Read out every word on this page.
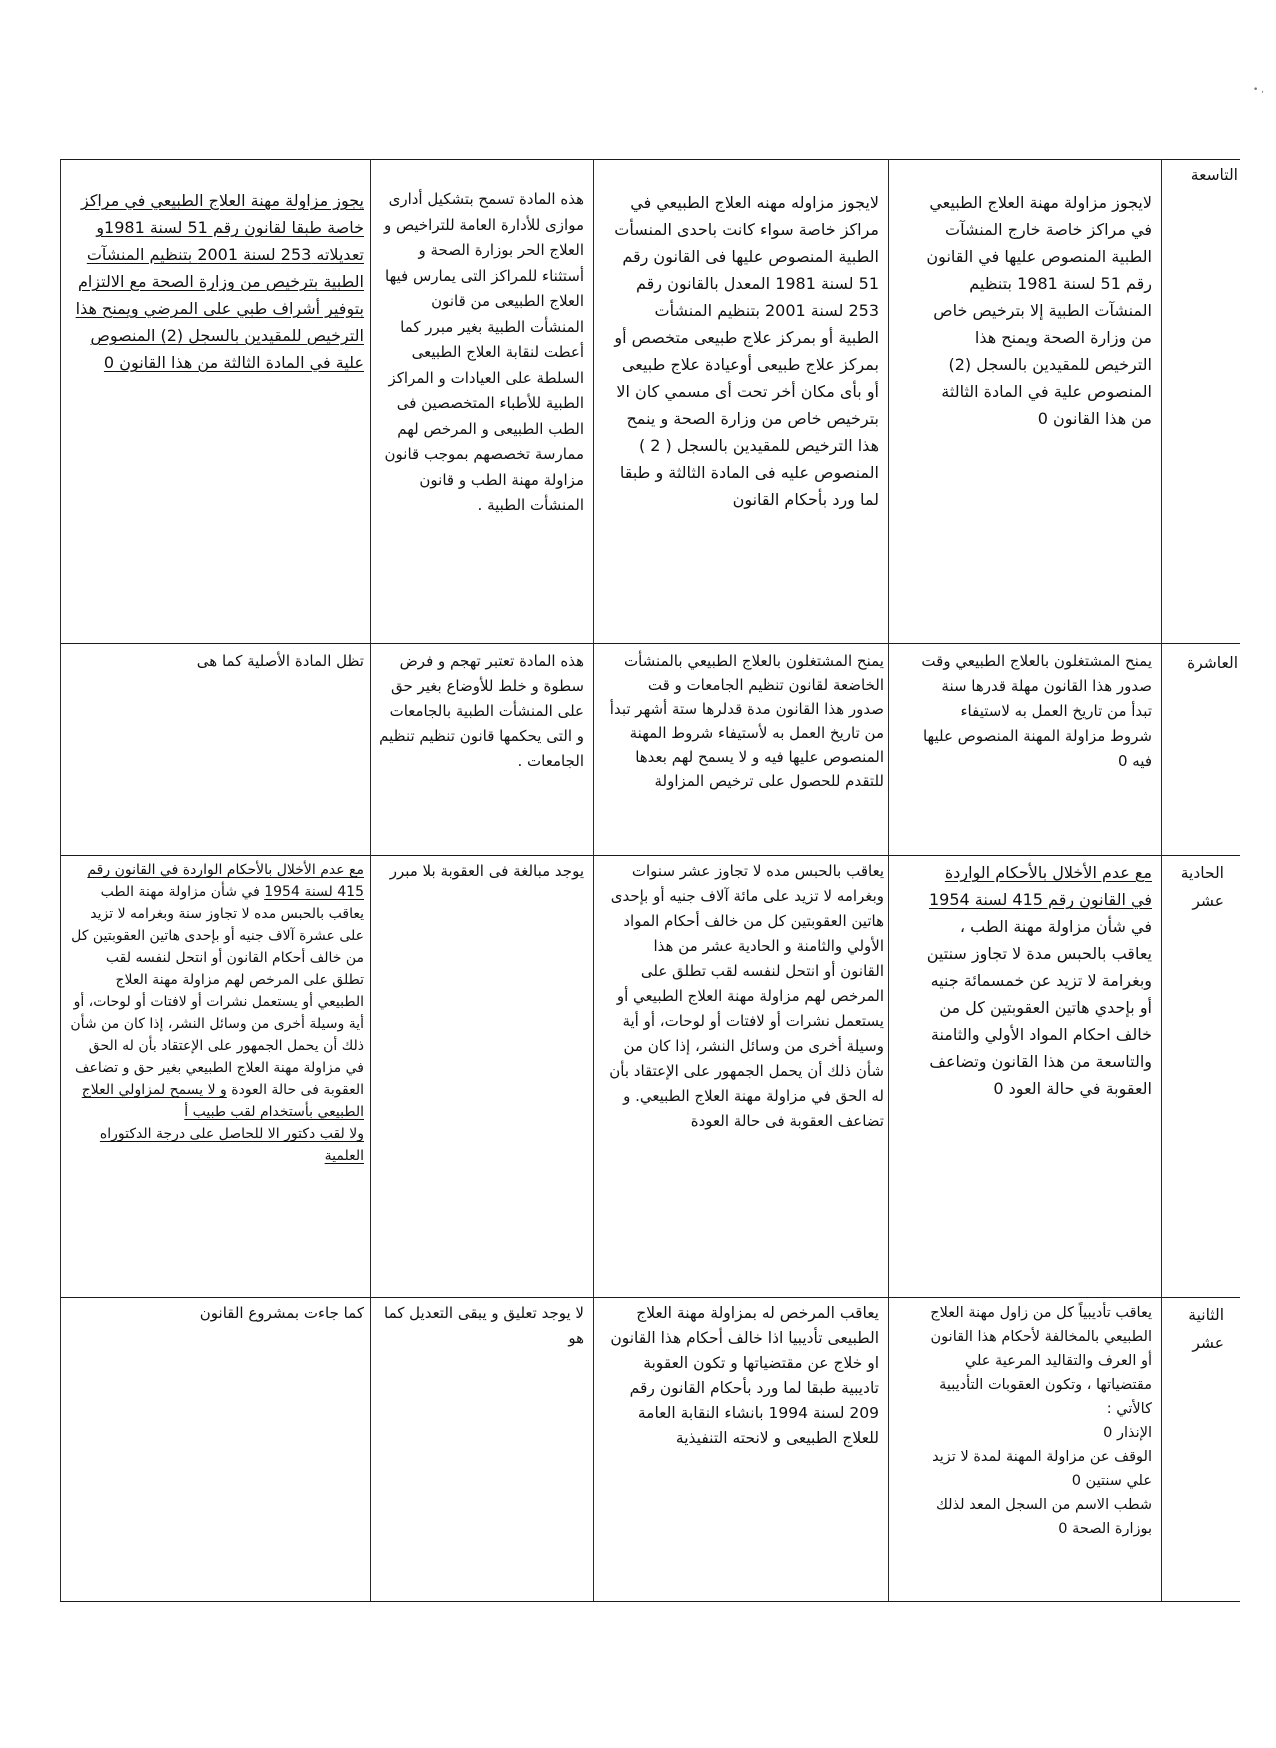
• ,
التاسعة
لايجوز مزاولة مهنة العلاج الطبيعي في مراكز خاصة خارج المنشآت الطبية المنصوص عليها في القانون رقم 51 لسنة 1981 بتنظيم المنشآت الطبية إلا بترخيص خاص من وزارة الصحة ويمنح هذا الترخيص للمقيدين بالسجل (2) المنصوص علية في المادة الثالثة من هذا القانون 0
لايجوز مزاوله مهنه العلاج الطبيعي في مراكز خاصة سواء كانت باحدى المنسأت الطبية المنصوص عليها فى القانون رقم 51 لسنة 1981 المعدل بالقانون رقم 253 لسنة 2001 بتنظيم المنشأت الطبية أو بمركز علاج طبيعى متخصص أو بمركز علاج طبيعى أوعيادة علاج طبيعى أو بأى مكان أخر تحت أى مسمي كان الا بترخيص خاص من وزارة الصحة و ينمح هذا الترخيص للمقيدين بالسجل ( 2 ) المنصوص عليه فى المادة الثالثة و طبقا لما ورد بأحكام القانون
هذه المادة تسمح بتشكيل أدارى موازى للأدارة العامة للتراخيص و العلاج الحر بوزارة الصحة و أستثناء للمراكز التى يمارس فيها العلاج الطبيعى من قانون المنشأت الطبية بغير مبرر كما أعطت لنقابة العلاج الطبيعى السلطة على العيادات و المراكز الطبية للأطباء المتخصصين فى الطب الطبيعى و المرخص لهم ممارسة تخصصهم بموجب قانون مزاولة مهنة الطب و قانون المنشأت الطبية .
يجوز مزاولة مهنة العلاج الطبيعي في مراكز خاصة طبقا لقانون رقم 51 لسنة 1981و تعديلاته 253 لسنة 2001 بتنظيم المنشآت الطبية بترخيص من وزارة الصحة مع الالتزام بتوفير أشراف طبي على المرضي ويمنح هذا الترخيص للمقيدين بالسجل (2) المنصوص علية في المادة الثالثة من هذا القانون 0
العاشرة
يمنح المشتغلون بالعلاج الطبيعي وقت صدور هذا القانون مهلة قدرها سنة تبدأ من تاريخ العمل به لاستيفاء شروط مزاولة المهنة المنصوص عليها فيه 0
يمنح المشتغلون بالعلاج الطبيعي بالمنشأت الخاضعة لقانون تنظيم الجامعات و قت صدور هذا القانون مدة قدلرها ستة أشهر تبدأ من تاريخ العمل به لأستيفاء شروط المهنة المنصوص عليها فيه و لا يسمح لهم بعدها للتقدم للحصول على ترخيص المزاولة
هذه المادة تعتبر تهجم و فرض سطوة و خلط للأوضاع بغير حق على المنشأت الطبية بالجامعات و التى يحكمها قانون تنظيم تنظيم الجامعات .
تظل المادة الأصلية كما هى
الحادية عشر
مع عدم الأخلال بالأحكام الواردة في القانون رقم 415 لسنة 1954 في شأن مزاولة مهنة الطب ، يعاقب بالحبس مدة لا تجاوز سنتين وبغرامة لا تزيد عن خمسمائة جنيه أو بإحدي هاتين العقوبتين كل من خالف احكام المواد الأولي والثامنة والتاسعة من هذا القانون وتضاعف العقوبة في حالة العود 0
يعاقب بالحبس مده لا تجاوز عشر سنوات وبغرامه لا تزيد على مائة آلاف جنيه أو بإحدى هاتين العقوبتين كل من خالف أحكام المواد الأولي والثامنة و الحادية عشر من هذا القانون أو انتحل لنفسه لقب تطلق على المرخص لهم مزاولة مهنة العلاج الطبيعي أو يستعمل نشرات أو لافتات أو لوحات، أو أية وسيلة أخرى من وسائل النشر، إذا كان من شأن ذلك أن يحمل الجمهور على الإعتقاد بأن له الحق في مزاولة مهنة العلاج الطبيعي. و تضاعف العقوبة فى حالة العودة
يوجد مبالغة فى العقوبة بلا مبرر
مع عدم الأخلال بالأحكام الواردة في القانون رقم 415 لسنة 1954 في شأن مزاولة مهنة الطب يعاقب بالحبس مده لا تجاوز سنة وبغرامه لا تزيد على عشرة آلاف جنيه أو بإحدى هاتين العقوبتين كل من خالف أحكام القانون أو انتحل لنفسه لقب تطلق على المرخص لهم مزاولة مهنة العلاج الطبيعي أو يستعمل نشرات أو لافتات أو لوحات، أو أية وسيلة أخرى من وسائل النشر، إذا كان من شأن ذلك أن يحمل الجمهور على الإعتقاد بأن له الحق في مزاولة مهنة العلاج الطبيعي بغير حق و تضاعف العقوبة فى حالة العودة و لا يسمح لمزاولي العلاج الطبيعي بأستخدام لقب طبيب أ

ولا لقب دكتور الا للحاصل على درجة الدكتوراه العلمية

الثانية عشر

يعاقب تأديبياً كل من زاول مهنة العلاج الطبيعي بالمخالفة لأحكام هذا القانون أو العرف والتقاليد المرعية علي مقتضياتها ، وتكون العقوبات التأديبية كالأتي :

الإنذار 0

الوقف عن مزاولة المهنة لمدة لا تزيد علي سنتين 0

شطب الاسم من السجل المعد لذلك بوزارة الصحة 0

يعاقب المرخص له بمزاولة مهنة العلاج الطبيعى تأديبيا اذا خالف أحكام هذا القانون او خلاج عن مقتضياتها و تكون العقوبة تاديبية طبقا لما ورد بأحكام القانون رقم 209 لسنة 1994 بانشاء النقابة العامة للعلاج الطبيعى و لانحته التنفيذية
لا يوجد تعليق و يبقى التعديل كما هو
كما جاءت بمشروع القانون
